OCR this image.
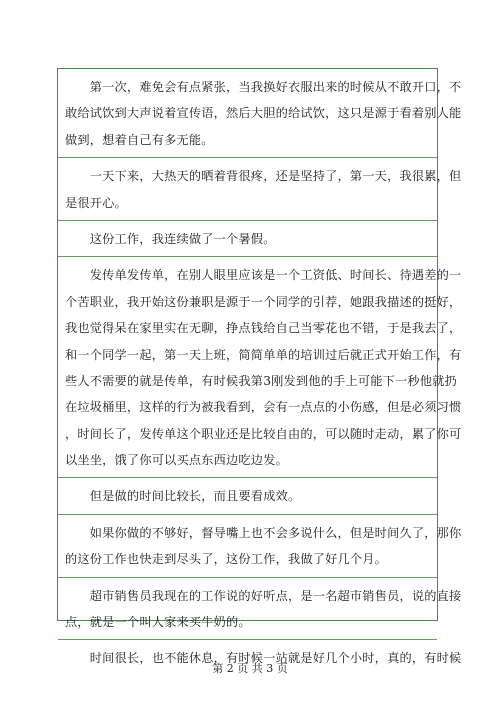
　　第一次，难免会有点紧张，当我换好衣服出来的时候从不敢开口，不
敢给试饮到大声说着宣传语，然后大胆的给试饮，这只是源于看着别人能
做到，想着自己有多无能。
　　一天下来，大热天的晒着背很疼，还是坚持了，第一天，我很累，但
是很开心。
　　这份工作，我连续做了一个暑假。
　　发传单发传单，在别人眼里应该是一个工资低、时间长、待遇差的一
个苦职业，我开始这份兼职是源于一个同学的引荐，她跟我描述的挺好，
我也觉得呆在家里实在无聊，挣点钱给自己当零花也不错，于是我去了，
和一个同学一起，第一天上班，简简单单的培训过后就正式开始工作，有
些人不需要的就是传单，有时候我第3刚发到他的手上可能下一秒他就扔
在垃圾桶里，这样的行为被我看到，会有一点点的小伤感，但是必须习惯
，时间长了，发传单这个职业还是比较自由的，可以随时走动，累了你可
以坐坐，饿了你可以买点东西边吃边发。
　　但是做的时间比较长，而且要看成效。
　　如果你做的不够好，督导嘴上也不会多说什么，但是时间久了，那你
的这份工作也快走到尽头了，这份工作，我做了好几个月。
　　超市销售员我现在的工作说的好听点，是一名超市销售员，说的直接
点，就是一个叫人家来买牛奶的。
　　时间很长，也不能休息，有时候一站就是好几个小时，真的，有时候
第 2 页 共 3 页
